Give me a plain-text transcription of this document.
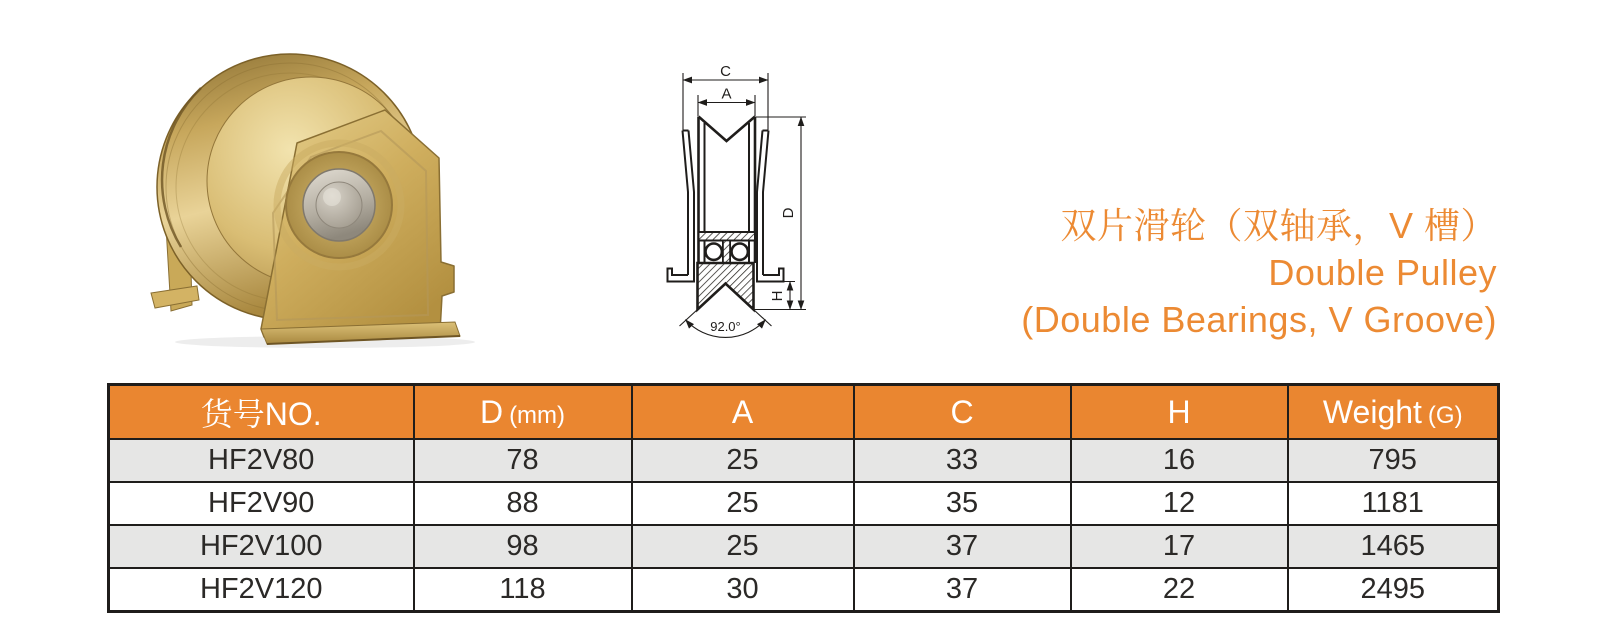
C
A
92.0°
D
H
双片滑轮（双轴承，V 槽）
Double Pulley
(Double Bearings, V Groove)
货号NO.	D (mm)	A	C	H	Weight (G)

HF2V80	78	25	33	16	795
HF2V90	88	25	35	12	1181
HF2V100	98	25	37	17	1465
HF2V120	118	30	37	22	2495
